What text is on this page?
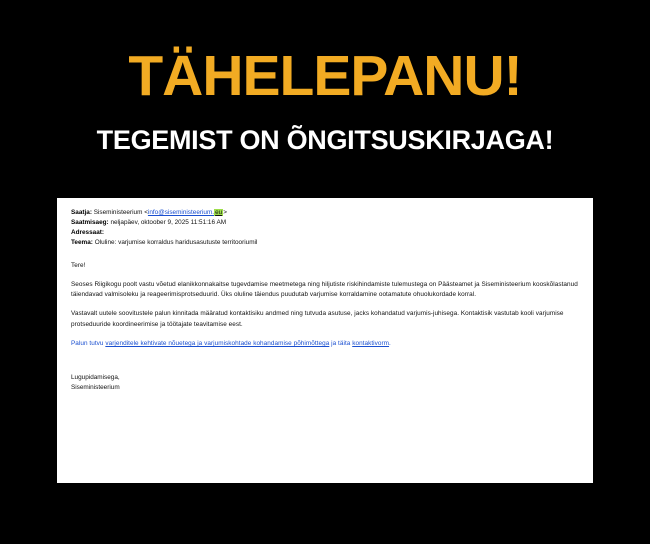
TÄHELEPANU!
TEGEMIST ON ÕNGITSUSKIRJAGA!
Saatja: Siseministeerium <info@siseministeerium.eu>
Saatmisaeg: neljapäev, oktoober 9, 2025 11:51:16 AM
Adressaat:
Teema: Oluline: varjumise korraldus haridusasutuste territooriumil

Tere!

Seoses Riigikogu poolt vastu võetud elanikkonnakaitse tugevdamise meetmetega ning hiljutiste riskihindamiste tulemustega on Päästeamet ja Siseministeerium kooskõlastanud täiendavad valmisoleku ja reageerimisprotseduurid. Üks oluline täiendus puudutab varjumise korraldamine ootamatute ohuolukordade korral.

Vastavalt uutele soovitustele palun kinnitada määratud kontaktisiku andmed ning tutvuda asutuse, jacks kohandatud varjumis-juhisega. Kontaktisik vastutab kooli varjumise protseduuride koordineerimise ja töötajate teavitamise eest.

Palun tutvu varjenditele kehtivate nõuetega ja varjumiskohtade kohandamise põhimõttega ja täita kontaktivorm.

Lugupidamisega,
Siseministeerium
